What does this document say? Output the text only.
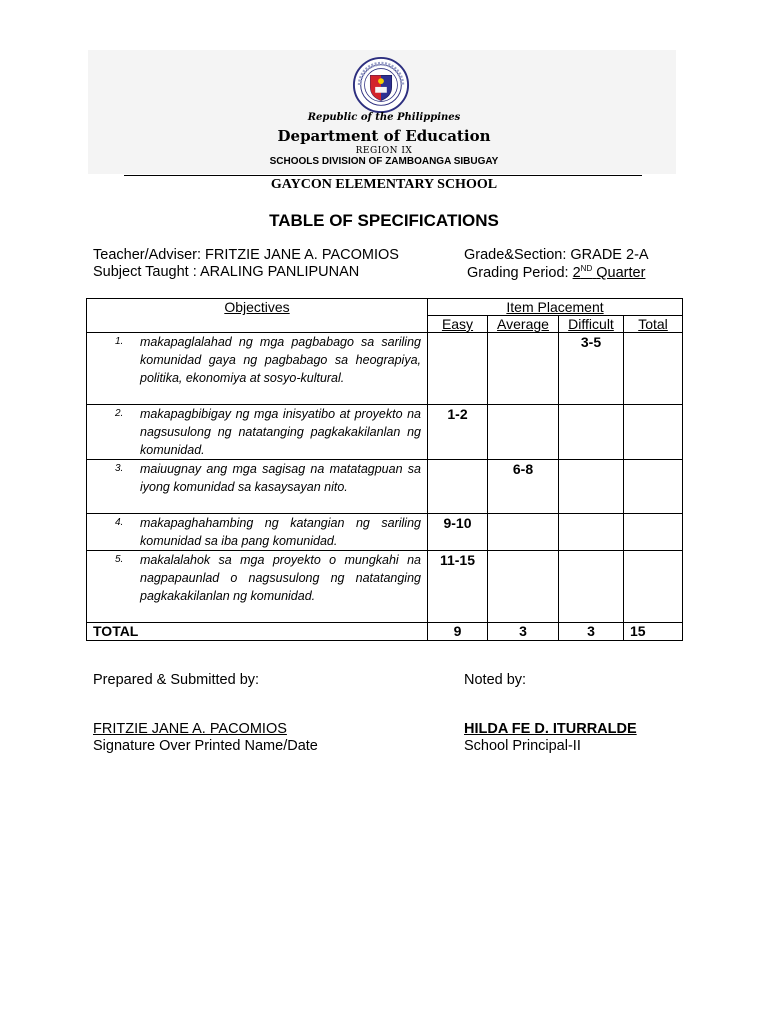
Republic of the Philippines
Department of Education
REGION IX
SCHOOLS DIVISION OF ZAMBOANGA SIBUGAY
GAYCON ELEMENTARY SCHOOL
TABLE OF SPECIFICATIONS
Teacher/Adviser: FRITZIE JANE A. PACOMIOS	Grade&Section: GRADE 2-A
Subject Taught : ARALING PANLIPUNAN	Grading Period: 2ND Quarter
Objectives	Item Placement			
	Easy	Average	Difficult	Total

1. makapaglalahad ng mga pagbabago sa sariling komunidad gaya ng pagbabago sa heograpiya, politika, ekonomiya at sosyo-kultural.			3-5	

2. makapagbibigay ng mga inisyatibo at proyekto na nagsusulong ng natatanging pagkakakilanlan ng komunidad.	1-2			

3. maiuugnay ang mga sagisag na matatagpuan sa iyong komunidad sa kasaysayan nito.		6-8		

4. makapaghahambing ng katangian ng sariling komunidad sa iba pang komunidad.	9-10			

5. makalalahok sa mga proyekto o mungkahi na nagpapaunlad o nagsusulong ng natatanging pagkakakilanlan ng komunidad.	11-15			
TOTAL	9	3	3	15
Prepared & Submitted by:	Noted by:
FRITZIE JANE A. PACOMIOS
Signature Over Printed Name/Date
HILDA FE D. ITURRALDE
School Principal-II
